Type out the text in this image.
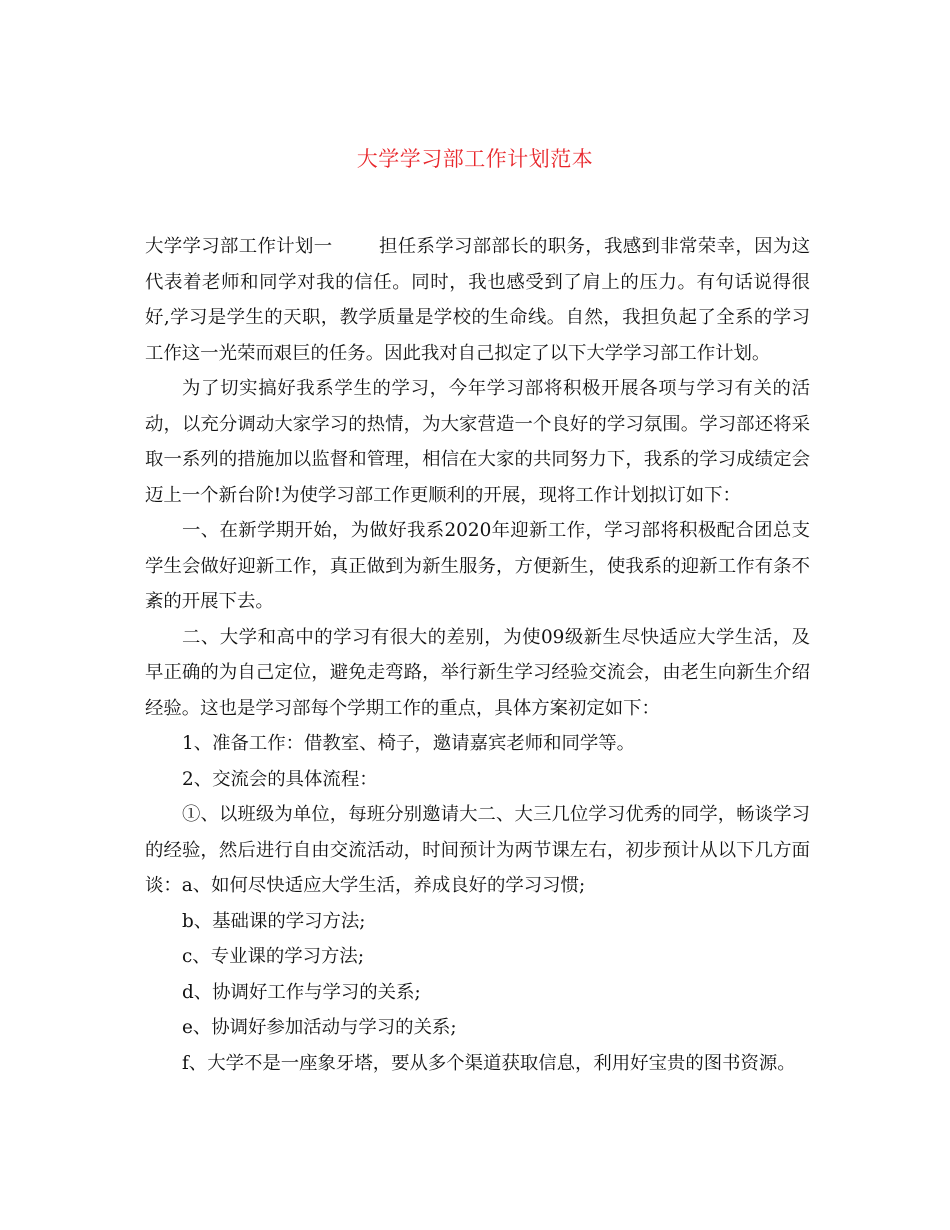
大学学习部工作计划范本

大学学习部工作计划一	担任系学习部部长的职务，我感到非常荣幸，因为这代表着老师和同学对我的信任。同时，我也感受到了肩上的压力。有句话说得很好,学习是学生的天职，教学质量是学校的生命线。自然，我担负起了全系的学习工作这一光荣而艰巨的任务。因此我对自己拟定了以下大学学习部工作计划。

为了切实搞好我系学生的学习，今年学习部将积极开展各项与学习有关的活动，以充分调动大家学习的热情，为大家营造一个良好的学习氛围。学习部还将采取一系列的措施加以监督和管理，相信在大家的共同努力下，我系的学习成绩定会迈上一个新台阶!为使学习部工作更顺利的开展，现将工作计划拟订如下：

一、在新学期开始，为做好我系2020年迎新工作，学习部将积极配合团总支学生会做好迎新工作，真正做到为新生服务，方便新生，使我系的迎新工作有条不紊的开展下去。

二、大学和高中的学习有很大的差别，为使09级新生尽快适应大学生活，及早正确的为自己定位，避免走弯路，举行新生学习经验交流会，由老生向新生介绍经验。这也是学习部每个学期工作的重点，具体方案初定如下：

1、准备工作：借教室、椅子，邀请嘉宾老师和同学等。

2、交流会的具体流程：

①、以班级为单位，每班分别邀请大二、大三几位学习优秀的同学，畅谈学习的经验，然后进行自由交流活动，时间预计为两节课左右，初步预计从以下几方面谈：a、如何尽快适应大学生活，养成良好的学习习惯;

b、基础课的学习方法;

c、专业课的学习方法;

d、协调好工作与学习的关系;

e、协调好参加活动与学习的关系;

f、大学不是一座象牙塔，要从多个渠道获取信息，利用好宝贵的图书资源。
